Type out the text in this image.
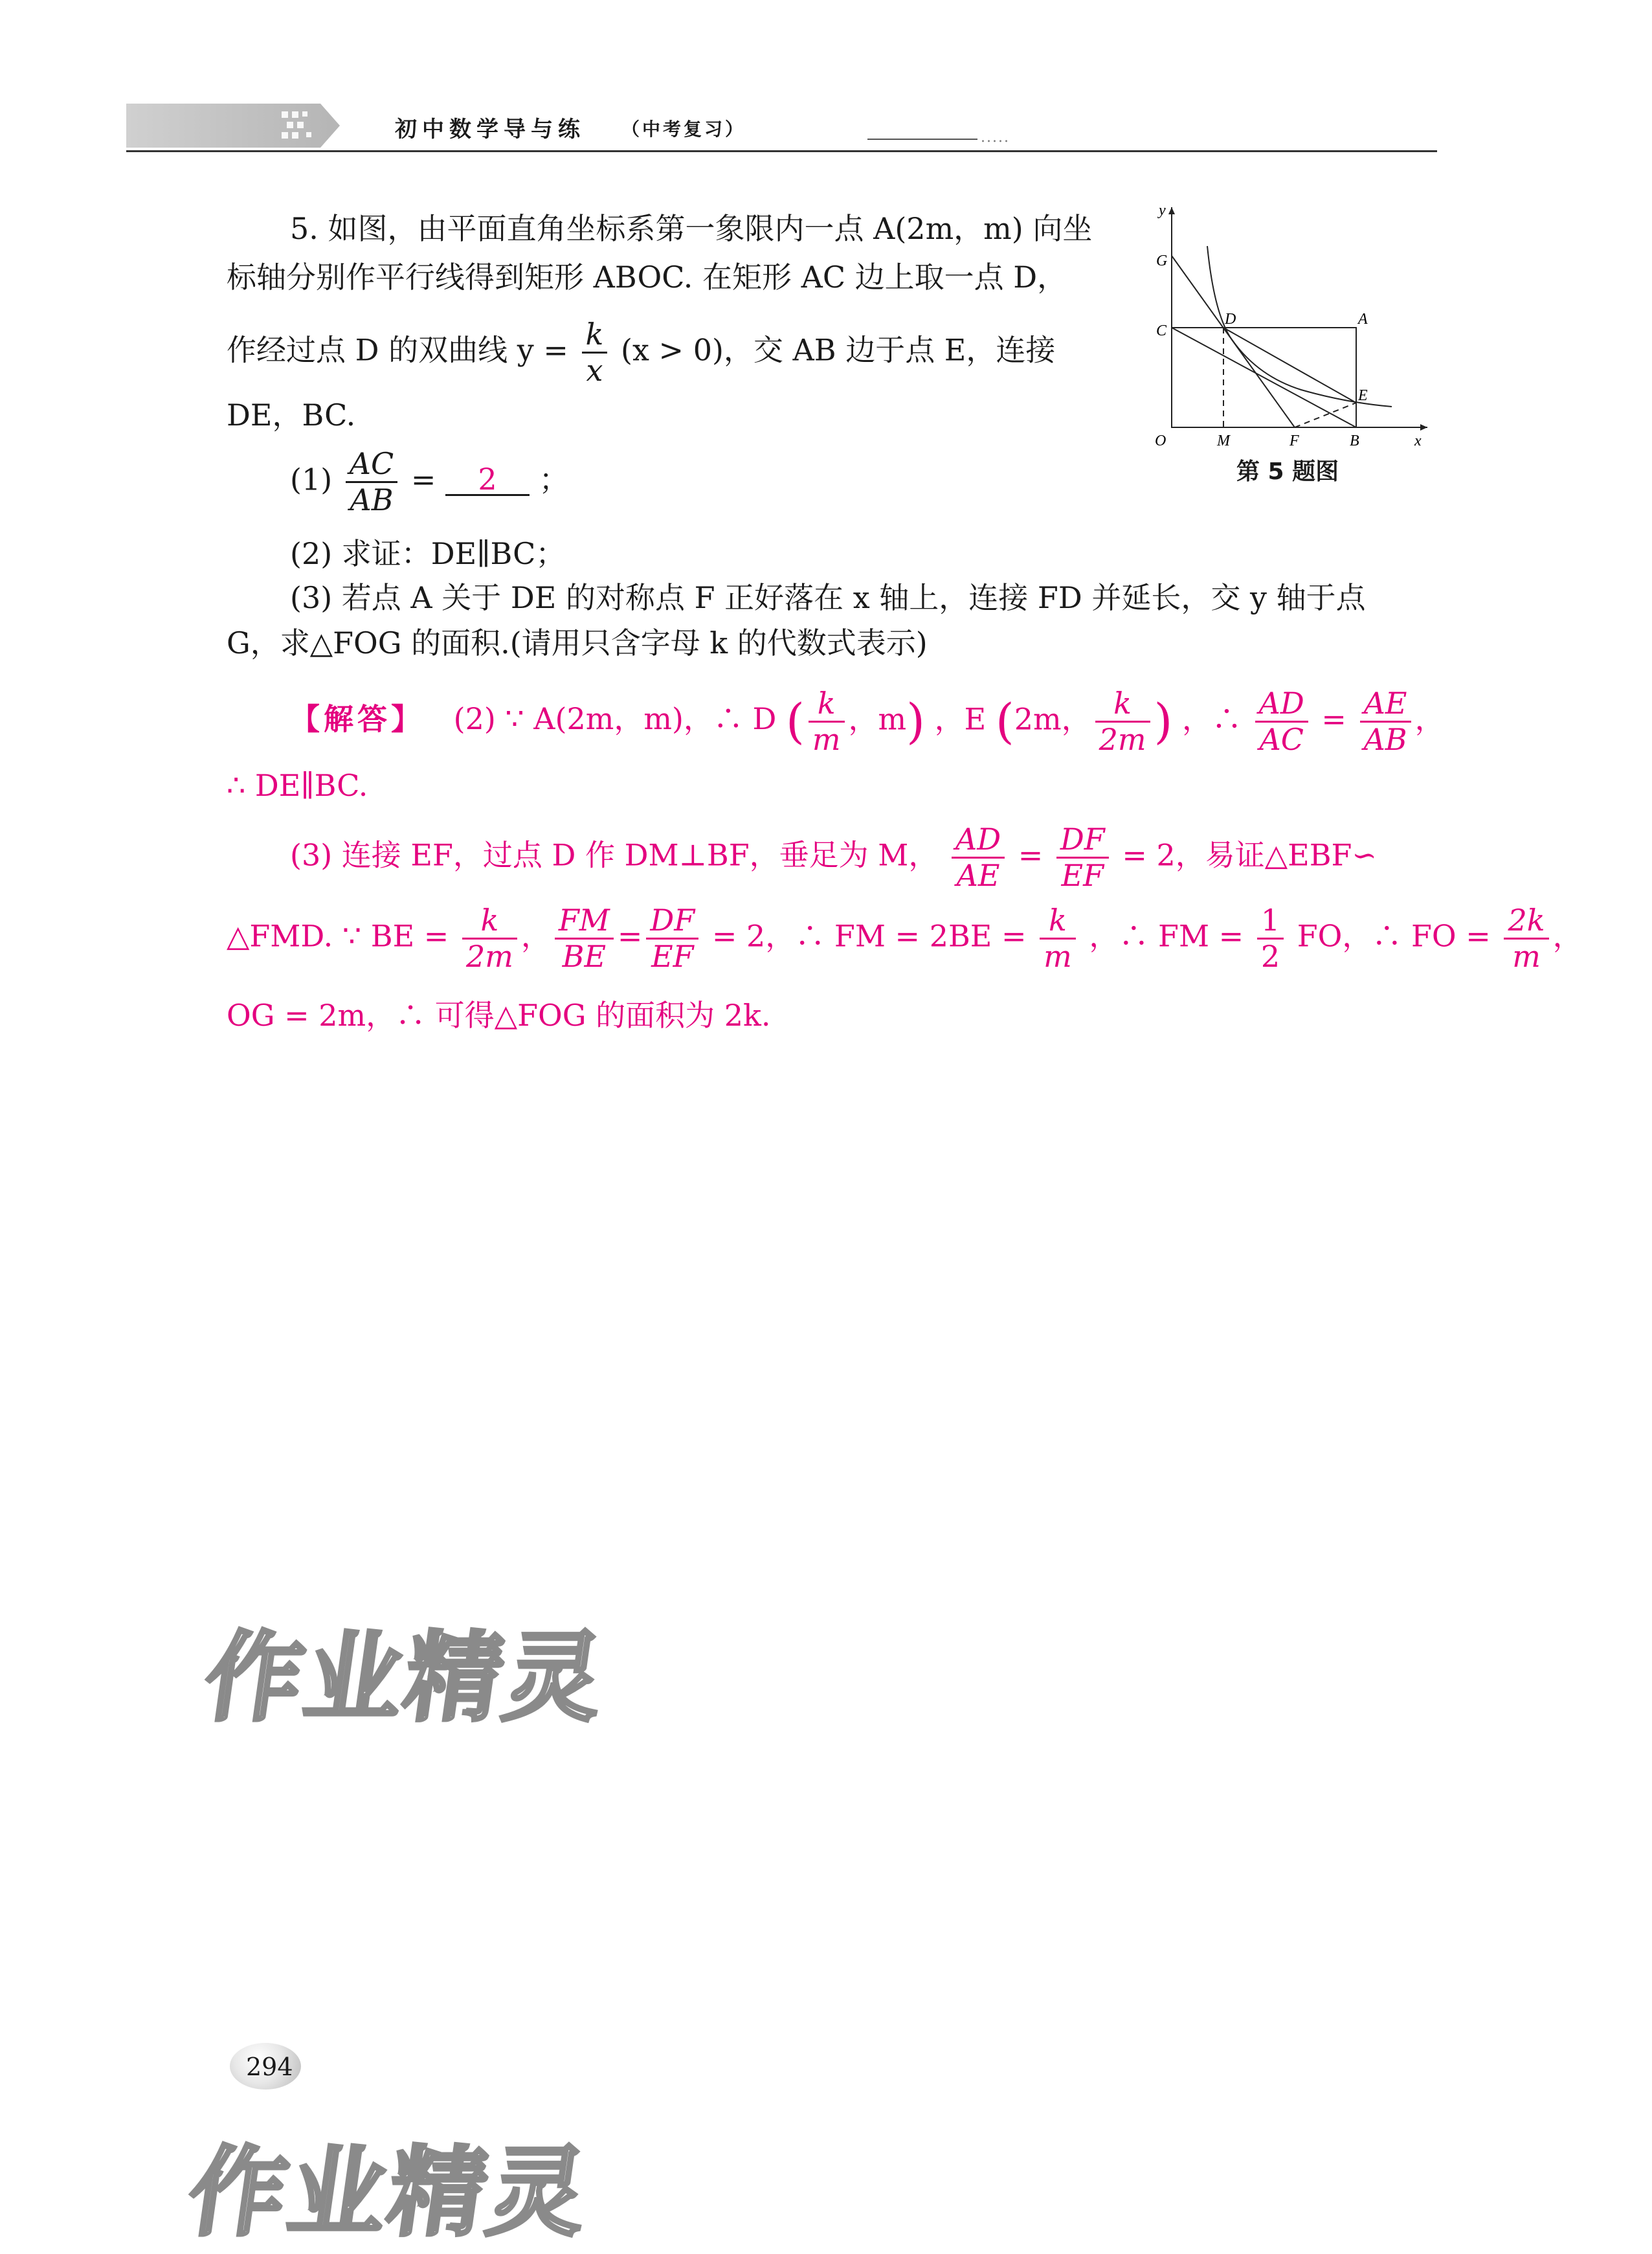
初中数学导与练 （中考复习）	.....
5. 如图，由平面直角坐标系第一象限内一点 A(2m，m) 向坐
标轴分别作平行线得到矩形 ABOC. 在矩形 AC 边上取一点 D，
作经过点 D 的双曲线 $y = \frac{k}{x} (x > 0)$，交 AB 边于点 E，连接
DE，BC.
$(1) \frac{AC}{AB} = 2$ ；
(2) 求证：DE∥BC；
(3) 若点 A 关于 DE 的对称点 F 正好落在 x 轴上，连接 FD 并延长，交 y 轴于点
G，求△FOG 的面积.(请用只含字母 k 的代数式表示)
y
x
O
G
C
D	A
E
M	F	B
第 5 题图
【解答】 (2) ∵ A(2m，m)，∴ D ( $\frac{k}{m}$ ，m) ，E (2m， $\frac{k}{2m}$ ) ，∴ $\frac{AD}{AC} = \frac{AE}{AB}$ ，
∴ DE∥BC.
(3) 连接 EF，过点 D 作 DM⊥BF，垂足为 M， $\frac{AD}{AE} = \frac{DF}{EF} = 2$，易证△EBF∽
△FMD. ∵ BE = $\frac{k}{2m}$ ， $\frac{FM}{BE} = \frac{DF}{EF} = 2$，∴ FM = $2BE = \frac{k}{m}$ ，∴ FM = $\frac{1}{2}$ FO，∴ FO = $\frac{2k}{m}$ ，
OG = 2m，∴ 可得△FOG 的面积为 2k.
作业精灵
294
作业精灵
